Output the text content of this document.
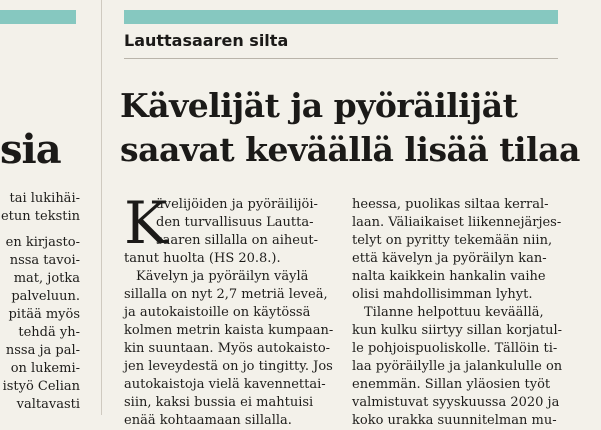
sia
tai lukihäi-
etun tekstin
en kirjasto-
nssa tavoi-
mat, jotka
palveluun.
pitää myös
tehdä yh-
nssa ja pal-
on lukemi-
istyö Celian
valtavasti
Lauttasaaren silta
Kävelijät ja pyöräilijät
saavat keväällä lisää tilaa
K
ävelijöiden ja pyöräilijöi-
den turvallisuus Lautta-
saaren sillalla on aiheut-
tanut huolta (HS 20.8.).
Kävelyn ja pyöräilyn väylä
sillalla on nyt 2,7 metriä leveä,
ja autokaistoille on käytössä
kolmen metrin kaista kumpaan-
kin suuntaan. Myös autokaisto-
jen leveydestä on jo tingitty. Jos
autokaistoja vielä kavennettai-
siin, kaksi bussia ei mahtuisi
enää kohtaamaan sillalla.
heessa, puolikas siltaa kerral-
laan. Väliaikaiset liikennejärjes-
telyt on pyritty tekemään niin,
että kävelyn ja pyöräilyn kan-
nalta kaikkein hankalin vaihe
olisi mahdollisimman lyhyt.
Tilanne helpottuu keväällä,
kun kulku siirtyy sillan korjatul-
le pohjoispuoliskolle. Tällöin ti-
laa pyöräilylle ja jalankululle on
enemmän. Sillan yläosien työt
valmistuvat syyskuussa 2020 ja
koko urakka suunnitelman mu-
